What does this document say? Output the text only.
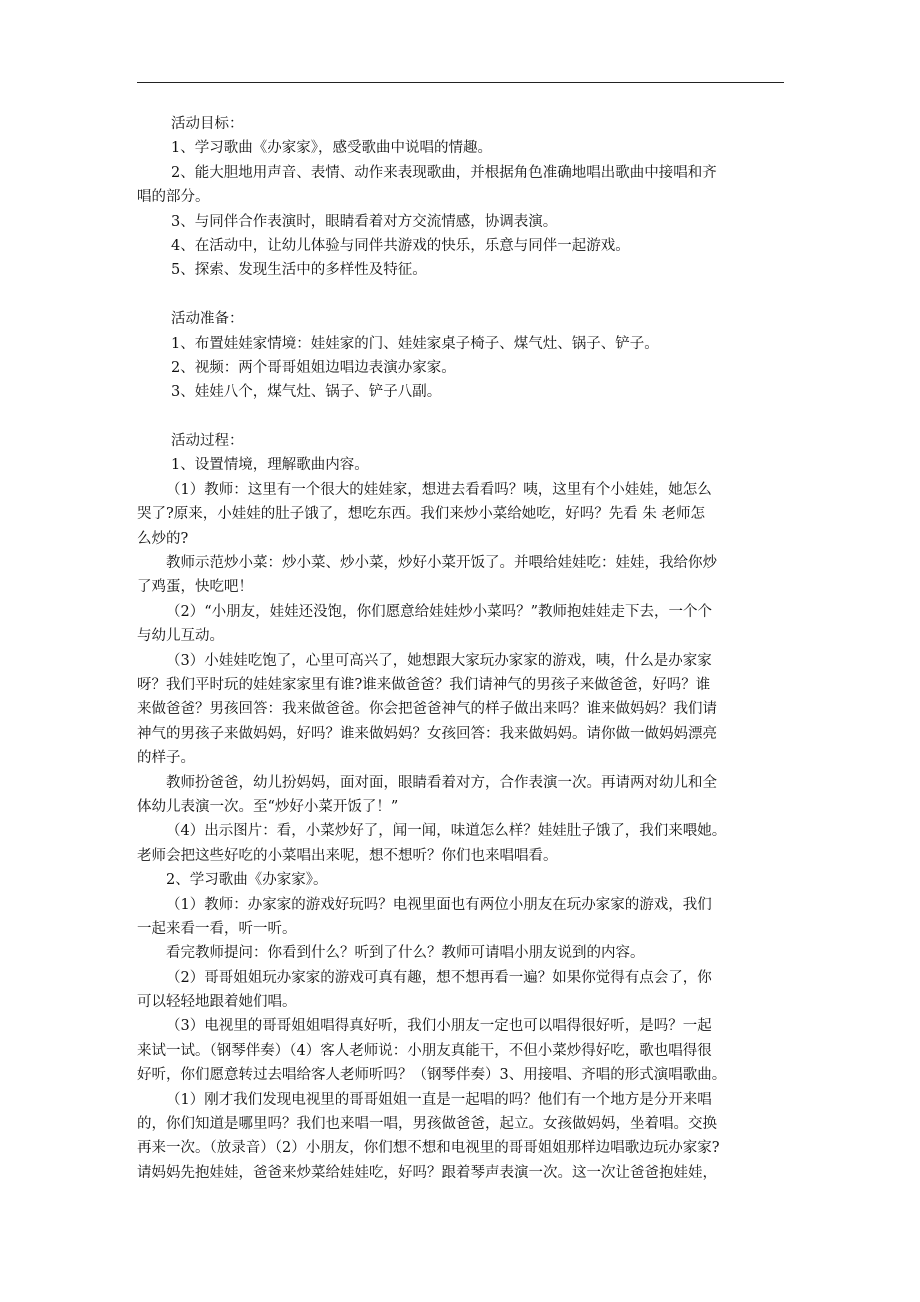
活动目标：
1、学习歌曲《办家家》，感受歌曲中说唱的情趣。
2、能大胆地用声音、表情、动作来表现歌曲，并根据角色准确地唱出歌曲中接唱和齐
唱的部分。
3、与同伴合作表演时，眼睛看着对方交流情感，协调表演。
4、在活动中，让幼儿体验与同伴共游戏的快乐，乐意与同伴一起游戏。
5、探索、发现生活中的多样性及特征。
活动准备：
1、布置娃娃家情境：娃娃家的门、娃娃家桌子椅子、煤气灶、锅子、铲子。
2、视频：两个哥哥姐姐边唱边表演办家家。
3、娃娃八个，煤气灶、锅子、铲子八副。
活动过程：
1、设置情境，理解歌曲内容。
（1）教师：这里有一个很大的娃娃家，想进去看看吗？咦，这里有个小娃娃，她怎么
哭了?原来，小娃娃的肚子饿了，想吃东西。我们来炒小菜给她吃，好吗？先看 朱 老师怎
么炒的?
教师示范炒小菜：炒小菜、炒小菜，炒好小菜开饭了。并喂给娃娃吃：娃娃，我给你炒
了鸡蛋，快吃吧！
（2）“小朋友，娃娃还没饱，你们愿意给娃娃炒小菜吗？”教师抱娃娃走下去，一个个
与幼儿互动。
（3）小娃娃吃饱了，心里可高兴了，她想跟大家玩办家家的游戏，咦，什么是办家家
呀？我们平时玩的娃娃家家里有谁?谁来做爸爸？我们请神气的男孩子来做爸爸，好吗？谁
来做爸爸？男孩回答：我来做爸爸。你会把爸爸神气的样子做出来吗？谁来做妈妈？我们请
神气的男孩子来做妈妈，好吗？谁来做妈妈？女孩回答：我来做妈妈。请你做一做妈妈漂亮
的样子。
教师扮爸爸，幼儿扮妈妈，面对面，眼睛看着对方，合作表演一次。再请两对幼儿和全
体幼儿表演一次。至“炒好小菜开饭了！”
（4）出示图片：看，小菜炒好了，闻一闻，味道怎么样？娃娃肚子饿了，我们来喂她。
老师会把这些好吃的小菜唱出来呢，想不想听？你们也来唱唱看。
2、学习歌曲《办家家》。
（1）教师：办家家的游戏好玩吗？电视里面也有两位小朋友在玩办家家的游戏，我们
一起来看一看，听一听。
看完教师提问：你看到什么？听到了什么？教师可请唱小朋友说到的内容。
（2）哥哥姐姐玩办家家的游戏可真有趣，想不想再看一遍？如果你觉得有点会了，你
可以轻轻地跟着她们唱。
（3）电视里的哥哥姐姐唱得真好听，我们小朋友一定也可以唱得很好听，是吗？一起
来试一试。（钢琴伴奏）（4）客人老师说：小朋友真能干，不但小菜炒得好吃，歌也唱得很
好听，你们愿意转过去唱给客人老师听吗？（钢琴伴奏）3、用接唱、齐唱的形式演唱歌曲。
（1）刚才我们发现电视里的哥哥姐姐一直是一起唱的吗？他们有一个地方是分开来唱
的，你们知道是哪里吗？我们也来唱一唱，男孩做爸爸，起立。女孩做妈妈，坐着唱。交换
再来一次。（放录音）（2）小朋友，你们想不想和电视里的哥哥姐姐那样边唱歌边玩办家家?
请妈妈先抱娃娃，爸爸来炒菜给娃娃吃，好吗？跟着琴声表演一次。这一次让爸爸抱娃娃，
